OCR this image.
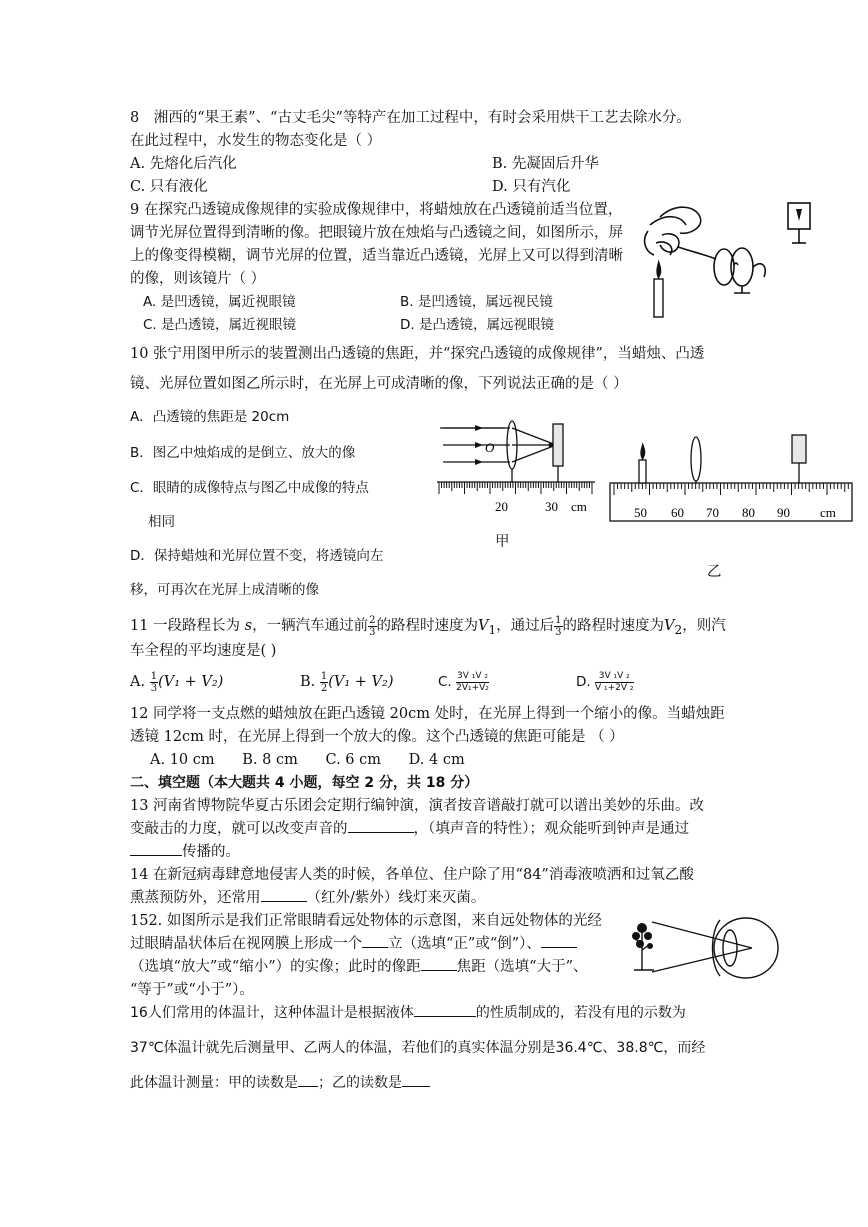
8　湘西的“果王素”、“古丈毛尖”等特产在加工过程中，有时会采用烘干工艺去除水分。
在此过程中，水发生的物态变化是（ ）
A. 先熔化后汽化	B. 先凝固后升华
C. 只有液化	D. 只有汽化
9 在探究凸透镜成像规律的实验成像规律中，将蜡烛放在凸透镜前适当位置，
调节光屏位置得到清晰的像。把眼镜片放在烛焰与凸透镜之间，如图所示，屏
上的像变得模糊，调节光屏的位置，适当靠近凸透镜，光屏上又可以得到清晰
的像，则该镜片（ ）
A. 是凹透镜，属近视眼镜	B. 是凹透镜，属远视民镜
C. 是凸透镜，属近视眼镜	D. 是凸透镜，属远视眼镜
10 张宁用图甲所示的装置测出凸透镜的焦距，并“探究凸透镜的成像规律”，当蜡烛、凸透
镜、光屏位置如图乙所示时，在光屏上可成清晰的像，下列说法正确的是（ ）
A．凸透镜的焦距是 20cm
B．图乙中烛焰成的是倒立、放大的像
C．眼睛的成像特点与图乙中成像的特点
相同
D．保持蜡烛和光屏位置不变，将透镜向左
移，可再次在光屏上成清晰的像
O
20	30 cm
甲
50 60 70 80 90 cm
乙
11 一段路程长为 s，一辆汽车通过前 $\frac{2}{3}$ 的路程时速度为$V_1$，通过后 $\frac{1}{3}$ 的路程时速度为$V_2$，则汽
车全程的平均速度是( )
A. $\frac{1}{3} (V_1 + V_2)$	B. $\frac{1}{2} (V_1 + V_2)$	C. $\frac{\text{3V ₁V ₂}}{\text{2V₁+V₂}}$	D. $\frac{\text{3V ₁V ₂}}{\text{V ₁+2V ₂}}$
12 同学将一支点燃的蜡烛放在距凸透镜 20cm 处时，在光屏上得到一个缩小的像。当蜡烛距
透镜 12cm 时，在光屏上得到一个放大的像。这个凸透镜的焦距可能是 （ ）
A. 10 cm      B. 8 cm      C. 6 cm      D. 4 cm
二、填空题（本大题共 4 小题，每空 2 分，共 18 分）
13 河南省博物院华夏古乐团会定期行编钟演，演者按音谱敲打就可以谱出美妙的乐曲。改
变敲击的力度，就可以改变声音的	，（填声音的特性）；观众能听到钟声是通过
传播的。
14 在新冠病毒肆意地侵害人类的时候，各单位、住户除了用“84”消毒液喷洒和过氧乙酸
熏蒸预防外，还常用	（红外/紫外）线灯来灭菌。
152. 如图所示是我们正常眼睛看远处物体的示意图，来自远处物体的光经
过眼睛晶状体后在视网膜上形成一个 立（选填“正”或“倒”）、
（选填“放大”或“缩小”）的实像；此时的像距 焦距（选填“大于”、
“等于”或“小于”）。
16人们常用的体温计，这种体温计是根据液体	的性质制成的，若没有甩的示数为
37℃体温计就先后测量甲、乙两人的体温，若他们的真实体温分别是36.4℃、38.8℃，而经
此体温计测量：甲的读数是 ；乙的读数是
